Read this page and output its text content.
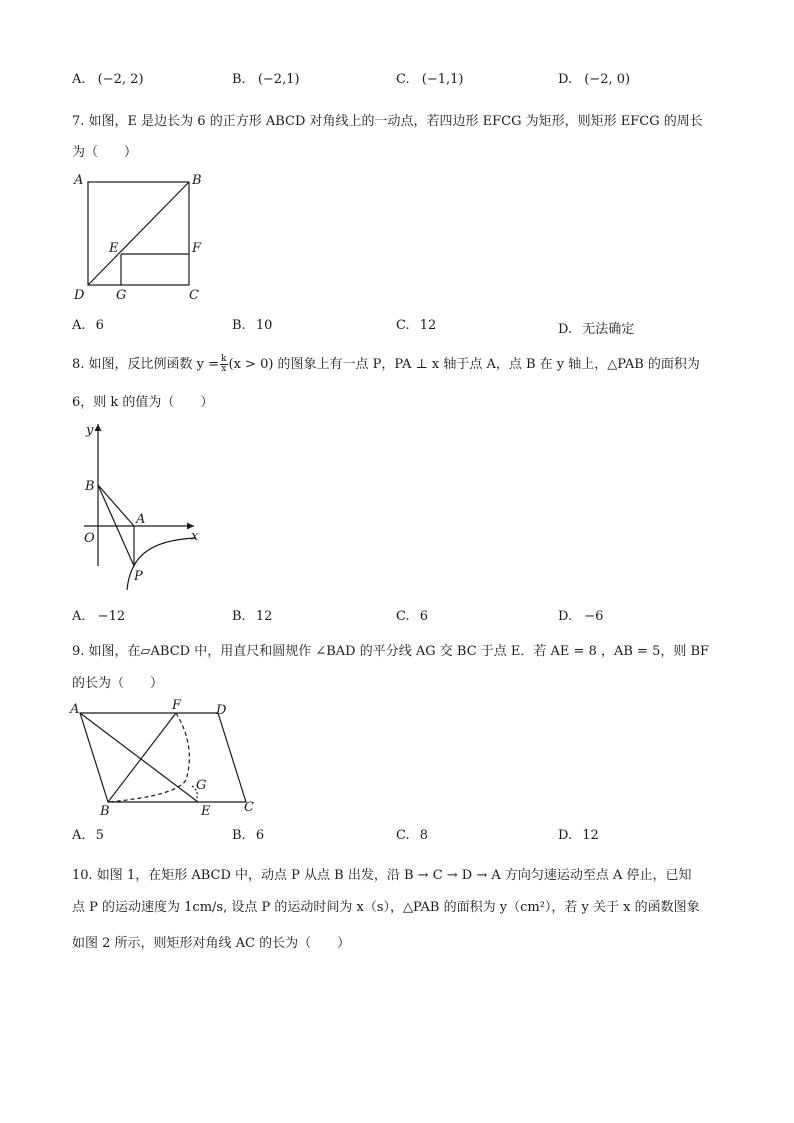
A. (−2, 2)	B. (−2,1)	C. (−1,1)	D. (−2, 0)
7. 如图，E 是边长为 6 的正方形 ABCD 对角线上的一动点，若四边形 EFCG 为矩形，则矩形 EFCG 的周长
为（　　）
A	B
D G	C
E	F
A. 6	B. 10	C. 12	D. 无法确定
8. 如图，反比例函数 $y = \frac{k}{x} (x > 0)$ 的图象上有一点 P，PA ⊥ x 轴于点 A，点 B 在 y 轴上，△PAB 的面积为
6，则 k 的值为（　　）
y
x
B
A
O
P
A. −12	B. 12	C. 6	D. −6
9. 如图，在▱ABCD 中，用直尺和圆规作 ∠BAD 的平分线 AG 交 BC 于点 E．若 AE = 8 ，AB = 5，则 BF
的长为（　　）
A	F	D
G
B	E	C
A. 5	B. 6	C. 8	D. 12
10. 如图 1，在矩形 ABCD 中，动点 P 从点 B 出发，沿 B → C → D → A 方向匀速运动至点 A 停止，已知
点 P 的运动速度为 1cm/s, 设点 P 的运动时间为 x（s），△PAB 的面积为 y（cm²），若 y 关于 x 的函数图象
如图 2 所示，则矩形对角线 AC 的长为（　　）
